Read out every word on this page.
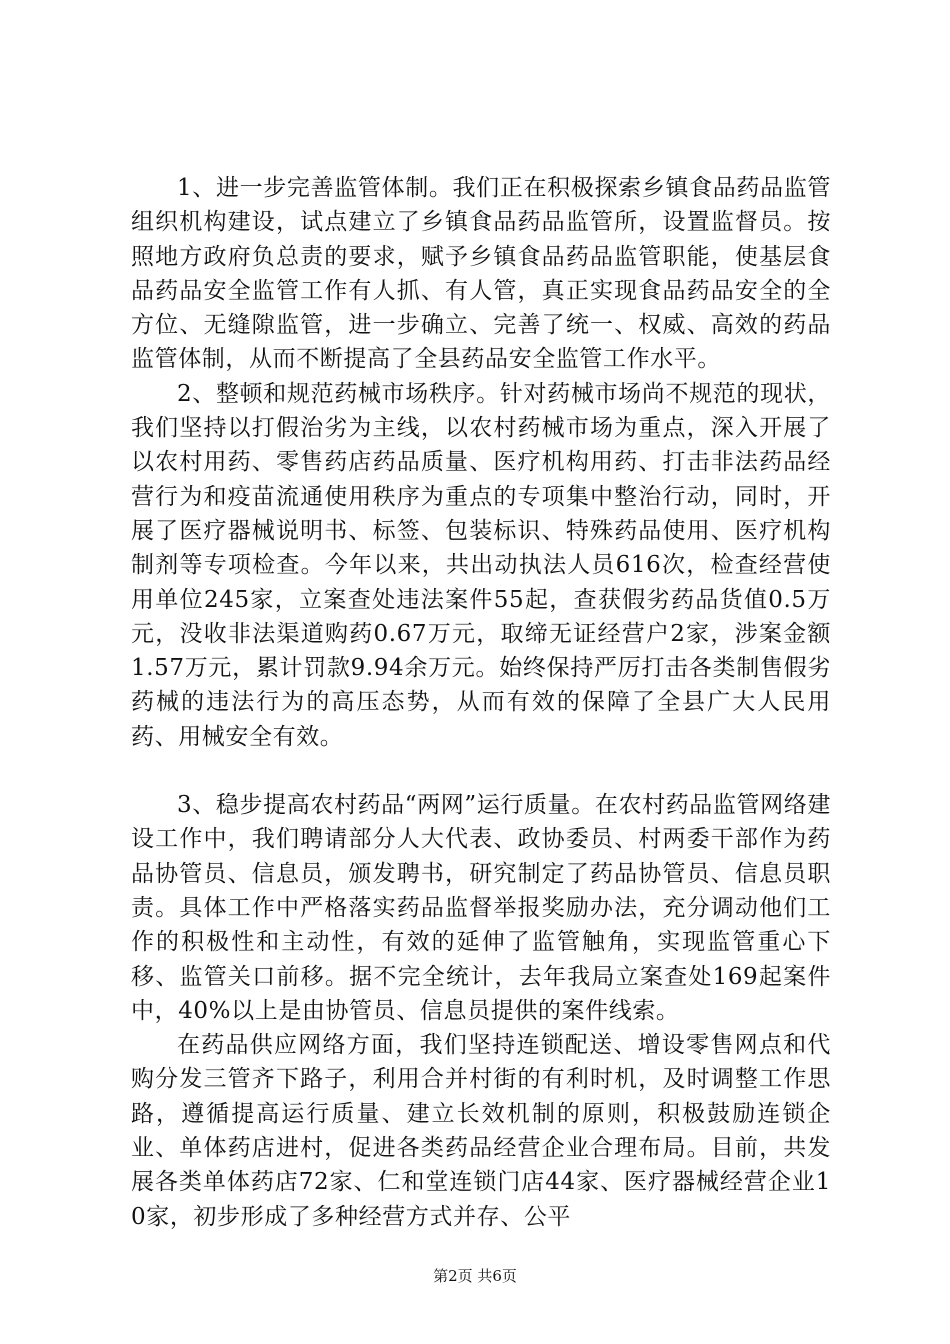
1、进一步完善监管体制。我们正在积极探索乡镇食品药品监管组织机构建设，试点建立了乡镇食品药品监管所，设置监督员。按照地方政府负总责的要求，赋予乡镇食品药品监管职能，使基层食品药品安全监管工作有人抓、有人管，真正实现食品药品安全的全方位、无缝隙监管，进一步确立、完善了统一、权威、高效的药品监管体制，从而不断提高了全县药品安全监管工作水平。

2、整顿和规范药械市场秩序。针对药械市场尚不规范的现状，我们坚持以打假治劣为主线，以农村药械市场为重点，深入开展了以农村用药、零售药店药品质量、医疗机构用药、打击非法药品经营行为和疫苗流通使用秩序为重点的专项集中整治行动，同时，开展了医疗器械说明书、标签、包装标识、特殊药品使用、医疗机构制剂等专项检查。今年以来，共出动执法人员616次，检查经营使用单位245家，立案查处违法案件55起，查获假劣药品货值0.5万元，没收非法渠道购药0.67万元，取缔无证经营户2家，涉案金额1.57万元，累计罚款9.94余万元。始终保持严厉打击各类制售假劣药械的违法行为的高压态势，从而有效的保障了全县广大人民用药、用械安全有效。

3、稳步提高农村药品“两网”运行质量。在农村药品监管网络建设工作中，我们聘请部分人大代表、政协委员、村两委干部作为药品协管员、信息员，颁发聘书，研究制定了药品协管员、信息员职责。具体工作中严格落实药品监督举报奖励办法，充分调动他们工作的积极性和主动性，有效的延伸了监管触角，实现监管重心下移、监管关口前移。据不完全统计，去年我局立案查处169起案件中，40%以上是由协管员、信息员提供的案件线索。

在药品供应网络方面，我们坚持连锁配送、增设零售网点和代购分发三管齐下路子，利用合并村街的有利时机，及时调整工作思路，遵循提高运行质量、建立长效机制的原则，积极鼓励连锁企业、单体药店进村，促进各类药品经营企业合理布局。目前，共发展各类单体药店72家、仁和堂连锁门店44家、医疗器械经营企业10家，初步形成了多种经营方式并存、公平

第2页 共6页
